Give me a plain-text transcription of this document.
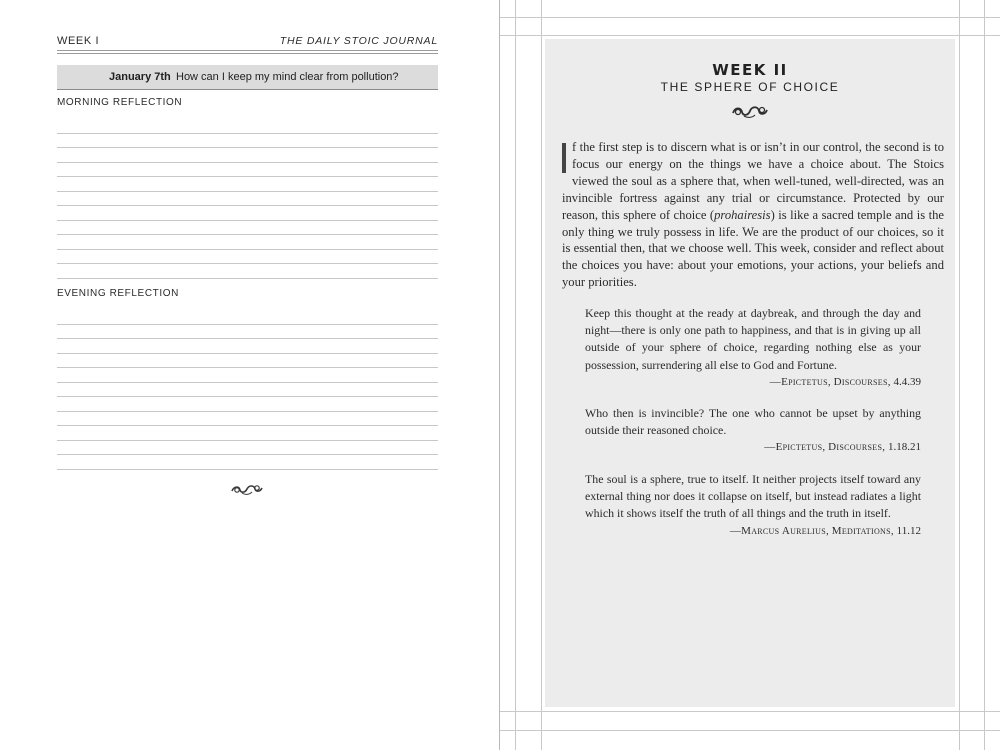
WEEK I	THE DAILY STOIC JOURNAL
January 7th How can I keep my mind clear from pollution?
MORNING REFLECTION
EVENING REFLECTION
WEEK II
THE SPHERE OF CHOICE

f the first step is to discern what is or isn’t in our control, the second is to focus our energy on the things we have a choice about. The Stoics viewed the soul as a sphere that, when well-tuned, well-directed, was an invincible fortress against any trial or circumstance. Protected by our reason, this sphere of choice (prohairesis) is like a sacred temple and is the only thing we truly possess in life. We are the product of our choices, so it is essential then, that we choose well. This week, consider and reflect about the choices you have: about your emotions, your actions, your beliefs and your priorities.

Keep this thought at the ready at daybreak, and through the day and night—there is only one path to happiness, and that is in giving up all outside of your sphere of choice, regarding nothing else as your possession, surrendering all else to God and Fortune.
—Epictetus, Discourses, 4.4.39
Who then is invincible? The one who cannot be upset by anything outside their reasoned choice.
—Epictetus, Discourses, 1.18.21
The soul is a sphere, true to itself. It neither projects itself toward any external thing nor does it collapse on itself, but instead radiates a light which it shows itself the truth of all things and the truth in itself.
—Marcus Aurelius, Meditations, 11.12
